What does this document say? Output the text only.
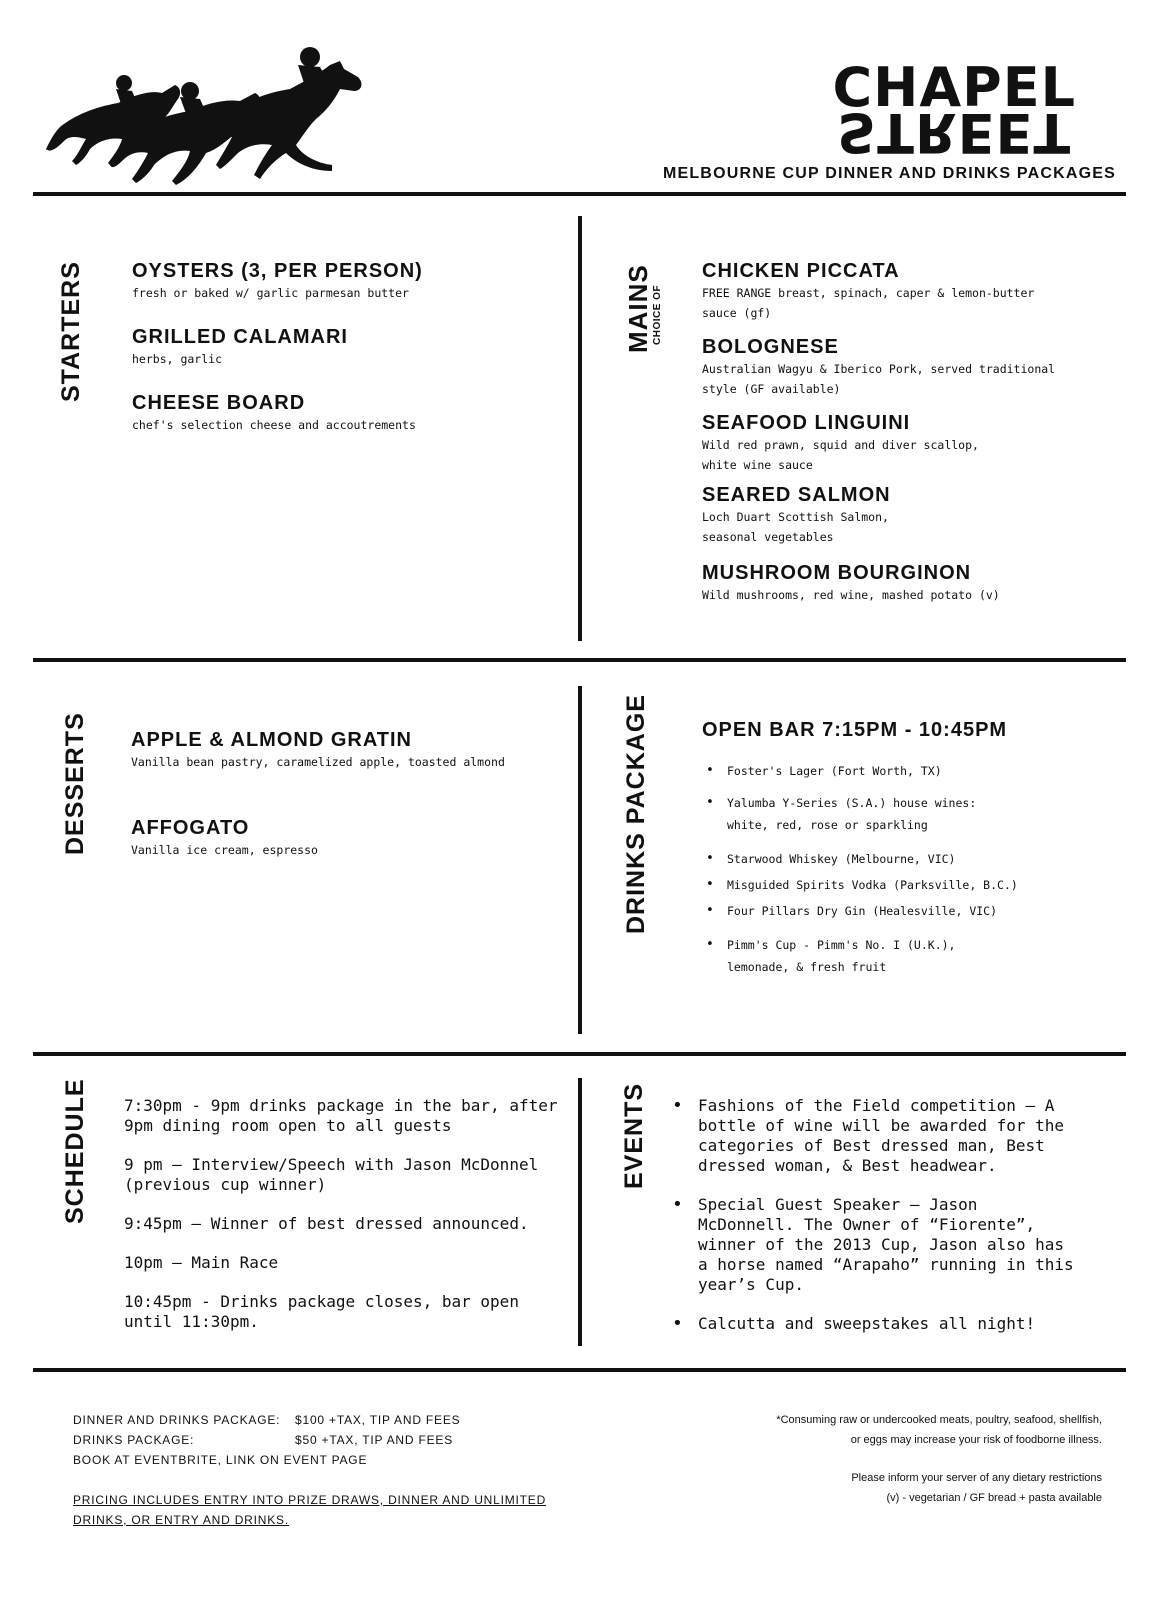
CHAPEL
STREET
MELBOURNE CUP DINNER AND DRINKS PACKAGES
STARTERS OYSTERS (3, PER PERSON)

fresh or baked w/ garlic parmesan butter

GRILLED CALAMARI

herbs, garlic

CHEESE BOARD

chef's selection cheese and accoutrements

MAINS CHOICE OF

CHICKEN PICCATA

FREE RANGE breast, spinach, caper & lemon-butter

sauce (gf)

BOLOGNESE

Australian Wagyu & Iberico Pork, served traditional

style (GF available)

SEAFOOD LINGUINI

Wild red prawn, squid and diver scallop,

white wine sauce

SEARED SALMON

Loch Duart Scottish Salmon,

seasonal vegetables

MUSHROOM BOURGINON

Wild mushrooms, red wine, mashed potato (v)

DESSERTS APPLE & ALMOND GRATIN

Vanilla bean pastry, caramelized apple, toasted almond

AFFOGATO

Vanilla ice cream, espresso	DRINKS PACKAGE	OPEN BAR 7:15PM - 10:45PM

• Foster's Lager (Fort Worth, TX)
• Yalumba Y-Series (S.A.) house wines:
white, red, rose or sparkling
• Starwood Whiskey (Melbourne, VIC)
• Misguided Spirits Vodka (Parksville, B.C.)
• Four Pillars Dry Gin (Healesville, VIC)
• Pimm's Cup - Pimm's No. I (U.K.),
lemonade, & fresh fruit
SCHEDULE 7:30pm - 9pm drinks package in the bar, after 9pm dining room open to all guests

9 pm – Interview/Speech with Jason McDonnel (previous cup winner)

9:45pm – Winner of best dressed announced.

10pm – Main Race

10:45pm - Drinks package closes, bar open until 11:30pm.

EVENTS
•	Fashions of the Field competition – A bottle of wine will be awarded for the categories of Best dressed man, Best dressed woman, & Best headwear.
• Special Guest Speaker – Jason McDonnell. The Owner of “Fiorente”, winner of the 2013 Cup, Jason also has a horse named “Arapaho” running in this year’s Cup.
• Calcutta and sweepstakes all night!
DINNER AND DRINKS PACKAGE: $100 +TAX, TIP AND FEES
DRINKS PACKAGE:	$50 +TAX, TIP AND FEES
BOOK AT EVENTBRITE, LINK ON EVENT PAGE
PRICING INCLUDES ENTRY INTO PRIZE DRAWS, DINNER AND UNLIMITED
DRINKS, OR ENTRY AND DRINKS.
*Consuming raw or undercooked meats, poultry, seafood, shellfish,
or eggs may increase your risk of foodborne illness.
Please inform your server of any dietary restrictions
(v) - vegetarian / GF bread + pasta available
